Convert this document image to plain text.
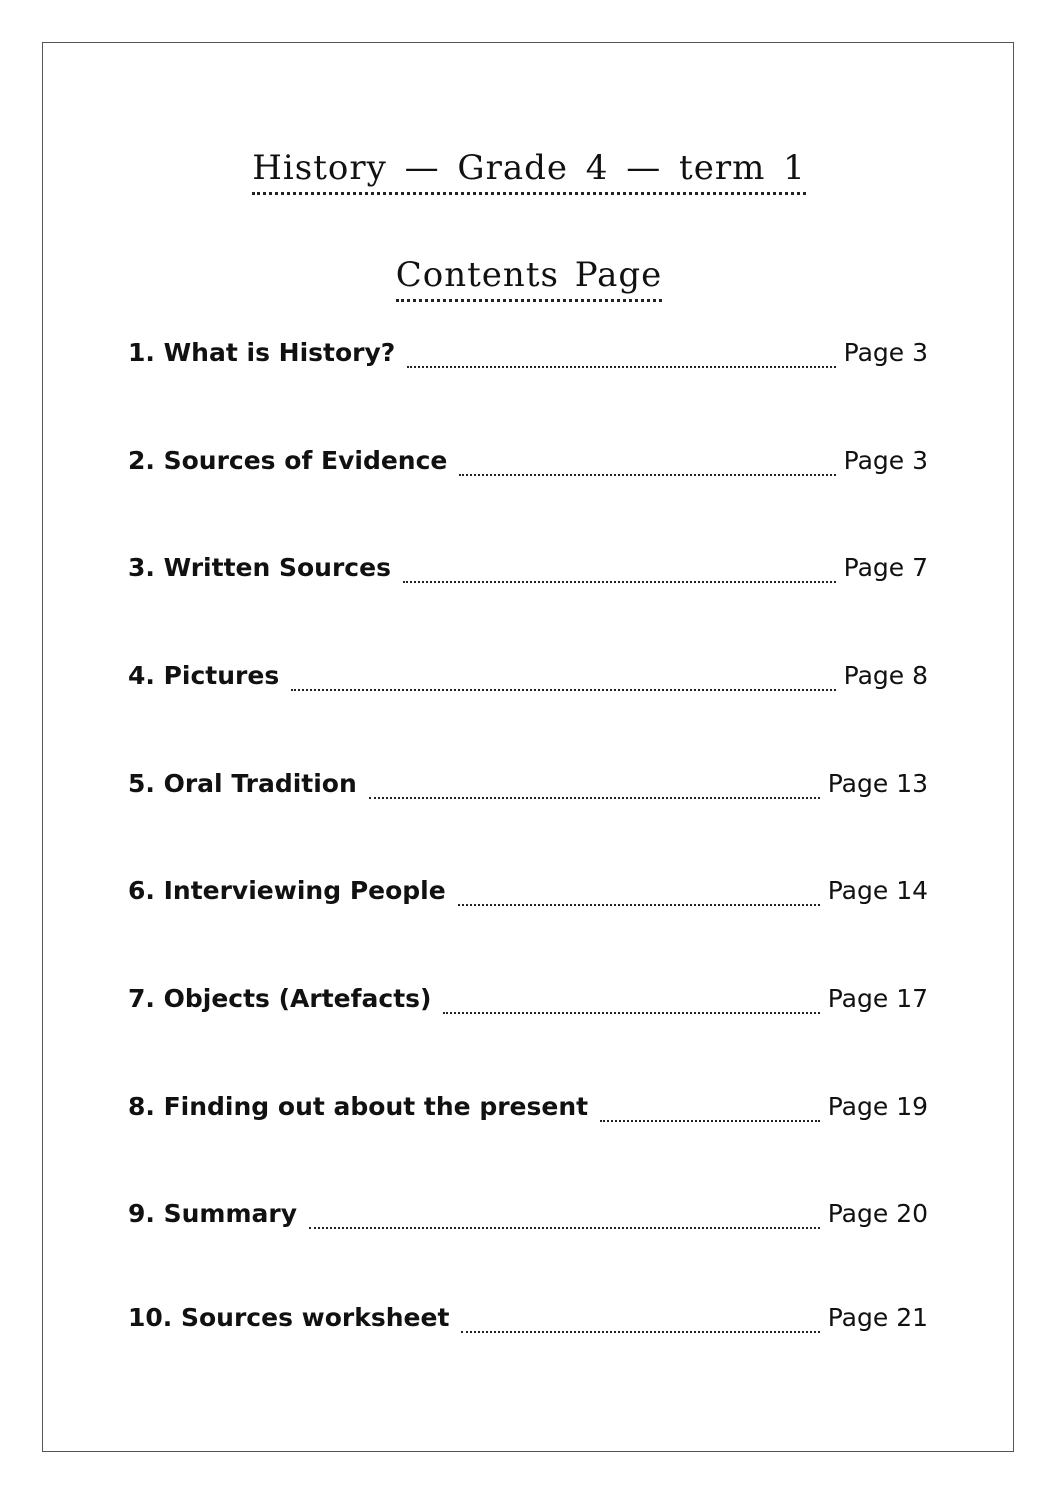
History — Grade 4 — term 1
Contents Page
1. What is History?	Page 3
2. Sources of Evidence	Page 3
3. Written Sources	Page 7
4. Pictures	Page 8
5. Oral Tradition	Page 13
6. Interviewing People	Page 14
7. Objects (Artefacts)	Page 17
8. Finding out about the present	Page 19
9. Summary	Page 20
10. Sources worksheet	Page 21
